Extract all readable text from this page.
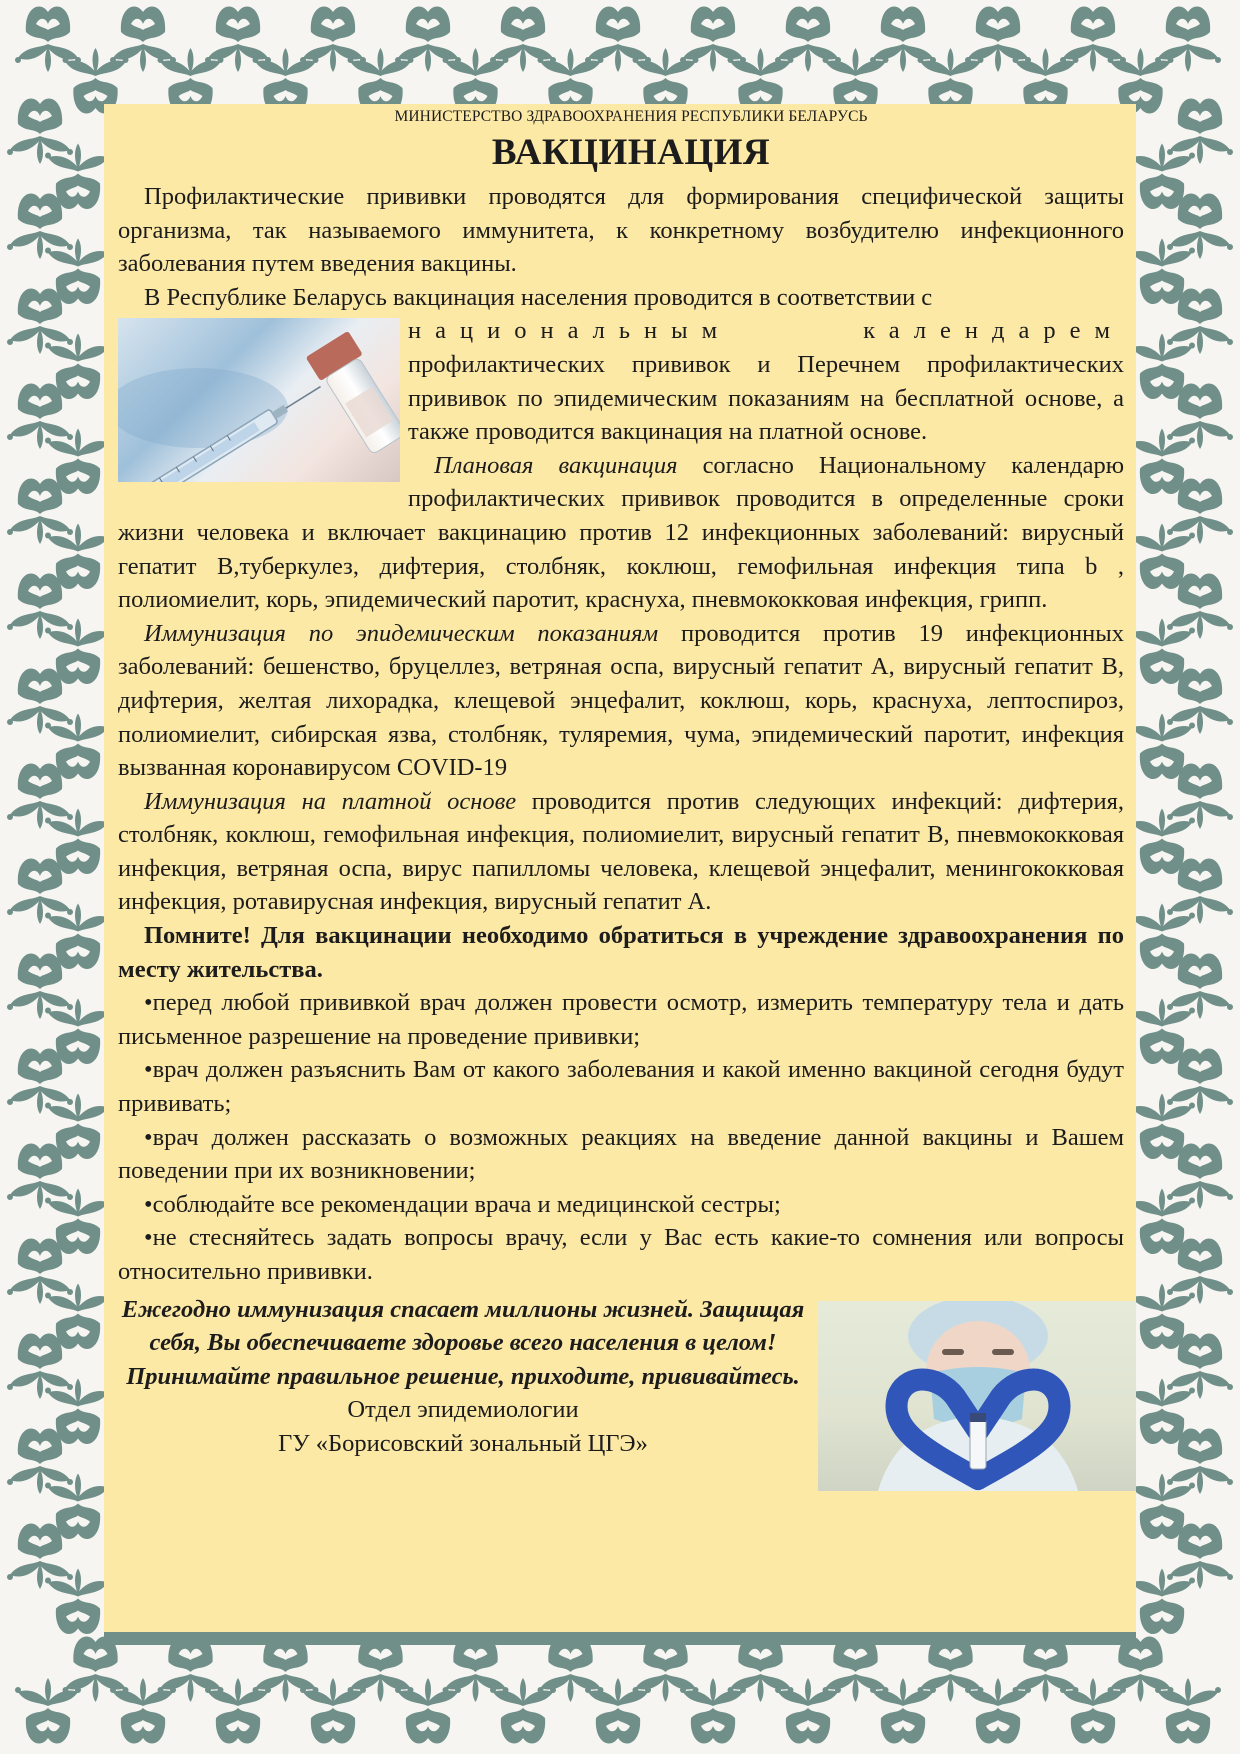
МИНИСТЕРСТВО ЗДРАВООХРАНЕНИЯ РЕСПУБЛИКИ БЕЛАРУСЬ

ВАКЦИНАЦИЯ

Профилактические прививки проводятся для формирования специфической защиты организма, так называемого иммунитета, к конкретному возбудителю инфекционного заболевания путем введения вакцины.

В Республике Беларусь вакцинация населения проводится в соответствии с

национальным календарем профилактических прививок и Перечнем профилактических прививок по эпидемическим показаниям на бесплатной основе, а также проводится вакцинация на платной основе.

Плановая вакцинация согласно Национальному календарю профилактических прививок проводится в определенные сроки жизни человека и включает вакцинацию против 12 инфекционных заболеваний: вирусный гепатит В,туберкулез, дифтерия, столбняк, коклюш, гемофильная инфекция типа b , полиомиелит, корь, эпидемический паротит, краснуха, пневмококковая инфекция, грипп.

Иммунизация по эпидемическим показаниям проводится против 19 инфекционных заболеваний: бешенство, бруцеллез, ветряная оспа, вирусный гепатит А, вирусный гепатит В, дифтерия, желтая лихорадка, клещевой энцефалит, коклюш, корь, краснуха, лептоспироз, полиомиелит, сибирская язва, столбняк, туляремия, чума, эпидемический паротит, инфекция вызванная коронавирусом COVID-19

Иммунизация на платной основе проводится против следующих инфекций: дифтерия, столбняк, коклюш, гемофильная инфекция, полиомиелит, вирусный гепатит В, пневмококковая инфекция, ветряная оспа, вирус папилломы человека, клещевой энцефалит, менингококковая инфекция, ротавирусная инфекция, вирусный гепатит А.

Помните! Для вакцинации необходимо обратиться в учреждение здравоохранения по месту жительства.

•перед любой прививкой врач должен провести осмотр, измерить температуру тела и дать письменное разрешение на проведение прививки;

•врач должен разъяснить Вам от какого заболевания и какой именно вакциной сегодня будут прививать;

•врач должен рассказать о возможных реакциях на введение данной вакцины и Вашем поведении при их возникновении;

•соблюдайте все рекомендации врача и медицинской сестры;

•не стесняйтесь задать вопросы врачу, если у Вас есть какие-то сомнения или вопросы относительно прививки.

Ежегодно иммунизация спасает миллионы жизней. Защищая себя, Вы обеспечиваете здоровье всего населения в целом! Принимайте правильное решение, приходите, прививайтесь.
Отдел эпидемиологии
ГУ «Борисовский зональный ЦГЭ»
